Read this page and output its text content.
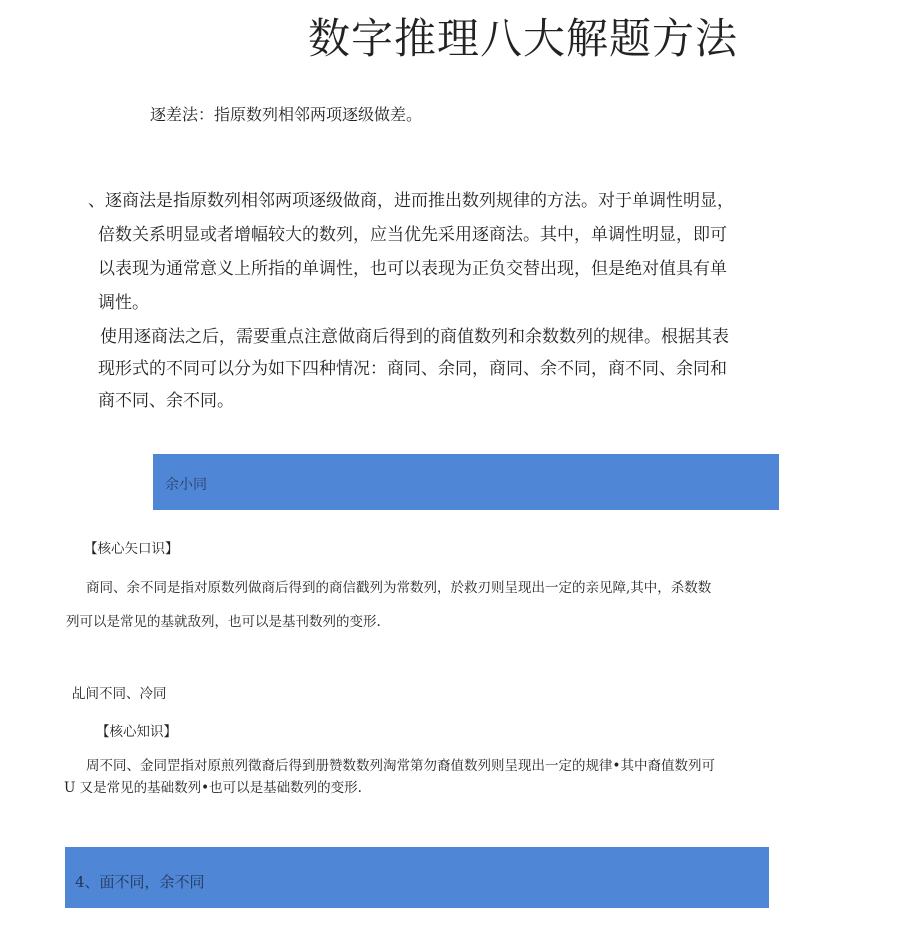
数字推理八大解题方法
逐差法：指原数列相邻两项逐级做差。
、逐商法是指原数列相邻两项逐级做商，进而推出数列规律的方法。对于单调性明显，
倍数关系明显或者增幅较大的数列，应当优先采用逐商法。其中，单调性明显，即可
以表现为通常意义上所指的单调性，也可以表现为正负交替出现，但是绝对值具有单
调性。
使用逐商法之后，需要重点注意做商后得到的商值数列和余数数列的规律。根据其表
现形式的不同可以分为如下四种情况：商同、余同，商同、余不同，商不同、余同和
商不同、余不同。
余小同
【核心矢口识】
商同、余不同是指对原数列做商后得到的商信戳列为常数列，於救刃则呈现出一定的亲见障,其中，杀数数
列可以是常见的基就敌列，也可以是基刊数列的变形.
乩间不同、冷同
【核心知识】
周不同、金同罡指对原煎列徵裔后得到册赞数数列淘常第勿裔值数列则呈现出一定的规律•其中裔值数列可
U 又是常见的基础数列•也可以是基础数列的变形.
4、面不同，余不同
